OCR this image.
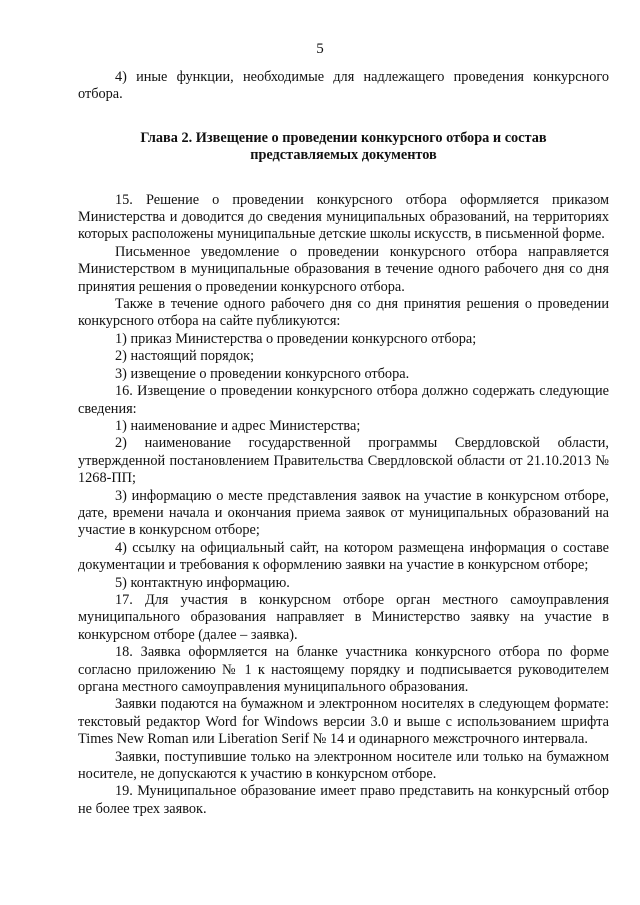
5

4) иные функции, необходимые для надлежащего проведения конкурсного отбора.

Глава 2. Извещение о проведении конкурсного отбора и состав
представляемых документов

15. Решение о проведении конкурсного отбора оформляется приказом Министерства и доводится до сведения муниципальных образований, на территориях которых расположены муниципальные детские школы искусств, в письменной форме.

Письменное уведомление о проведении конкурсного отбора направляется Министерством в муниципальные образования в течение одного рабочего дня со дня принятия решения о проведении конкурсного отбора.

Также в течение одного рабочего дня со дня принятия решения о проведении конкурсного отбора на сайте публикуются:

1) приказ Министерства о проведении конкурсного отбора;

2) настоящий порядок;

3) извещение о проведении конкурсного отбора.

16. Извещение о проведении конкурсного отбора должно содержать следующие сведения:

1) наименование и адрес Министерства;

2) наименование государственной программы Свердловской области, утвержденной постановлением Правительства Свердловской области от 21.10.2013 № 1268-ПП;

3) информацию о месте представления заявок на участие в конкурсном отборе, дате, времени начала и окончания приема заявок от муниципальных образований на участие в конкурсном отборе;

4) ссылку на официальный сайт, на котором размещена информация о составе документации и требования к оформлению заявки на участие в конкурсном отборе;

5) контактную информацию.

17. Для участия в конкурсном отборе орган местного самоуправления муниципального образования направляет в Министерство заявку на участие в конкурсном отборе (далее – заявка).

18. Заявка оформляется на бланке участника конкурсного отбора по форме согласно приложению № 1 к настоящему порядку и подписывается руководителем органа местного самоуправления муниципального образования.

Заявки подаются на бумажном и электронном носителях в следующем формате: текстовый редактор Word for Windows версии 3.0 и выше с использованием шрифта Times New Roman или Liberation Serif № 14 и одинарного межстрочного интервала.

Заявки, поступившие только на электронном носителе или только на бумажном носителе, не допускаются к участию в конкурсном отборе.

19. Муниципальное образование имеет право представить на конкурсный отбор не более трех заявок.
